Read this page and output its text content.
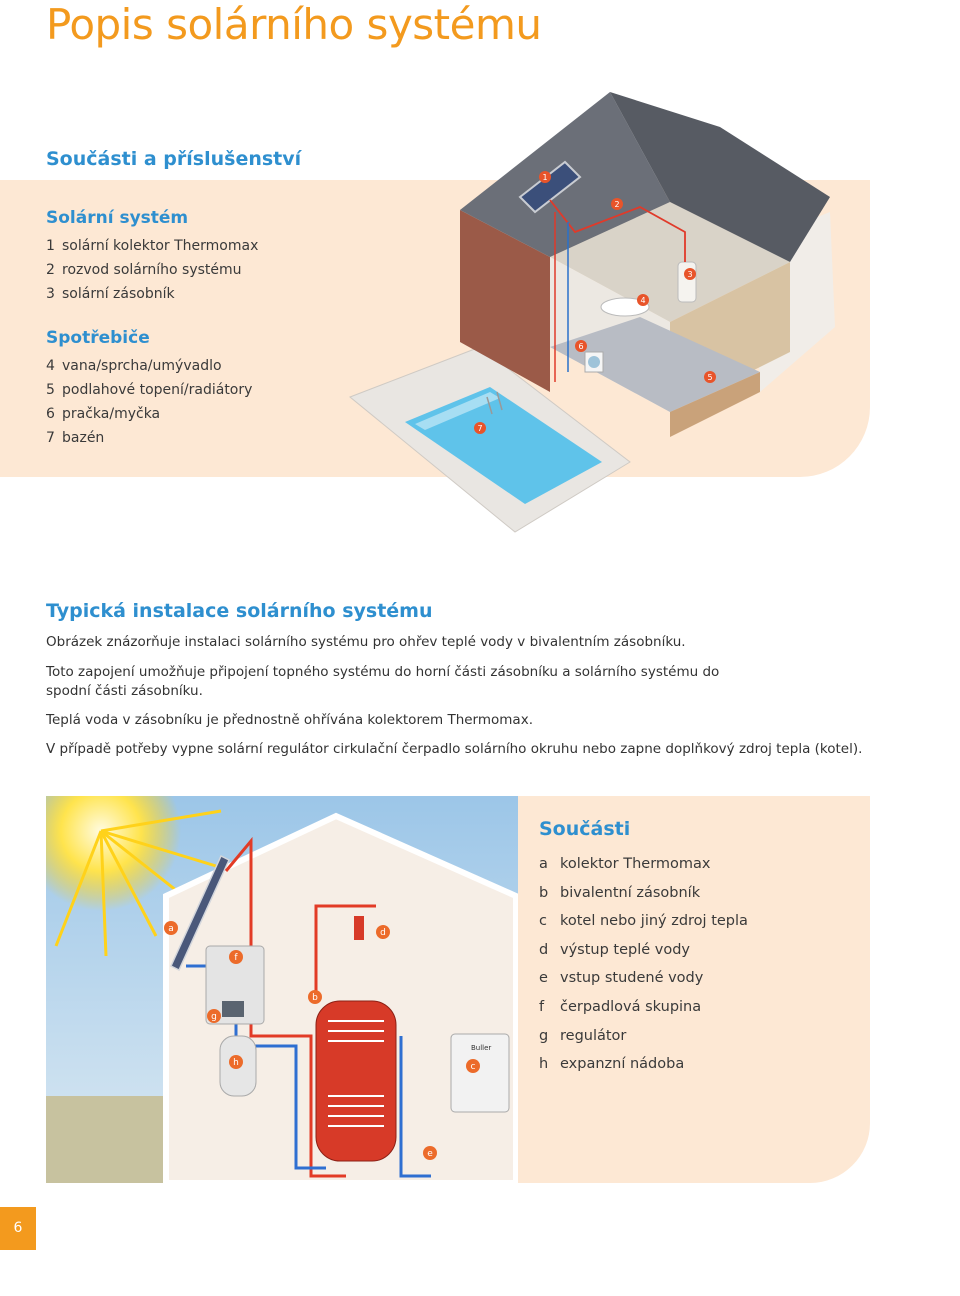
Popis solárního systému
Součásti a příslušenství
Solární systém
1 solární kolektor Thermomax
2 rozvod solárního systému
3 solární zásobník
Spotřebiče
4 vana/sprcha/umývadlo
5 podlahové topení/radiátory
6 pračka/myčka
7 bazén
1
2
3
4
5
6
7
Typická instalace solárního systému
Obrázek znázorňuje instalaci solárního systému pro ohřev teplé vody v bivalentním zásobníku.
Toto zapojení umožňuje připojení topného systému do horní části zásobníku a solárního systému do spodní části zásobníku.
Teplá voda v zásobníku je přednostně ohřívána kolektorem Thermomax.
V případě potřeby vypne solární regulátor cirkulační čerpadlo solárního okruhu nebo zapne doplňkový zdroj tepla (kotel).
Buller
a
b
c
d
e
f
g
h
Součásti
a kolektor Thermomax
b bivalentní zásobník
c kotel nebo jiný zdroj tepla
d výstup teplé vody
e vstup studené vody
f čerpadlová skupina
g regulátor
h expanzní nádoba
6
